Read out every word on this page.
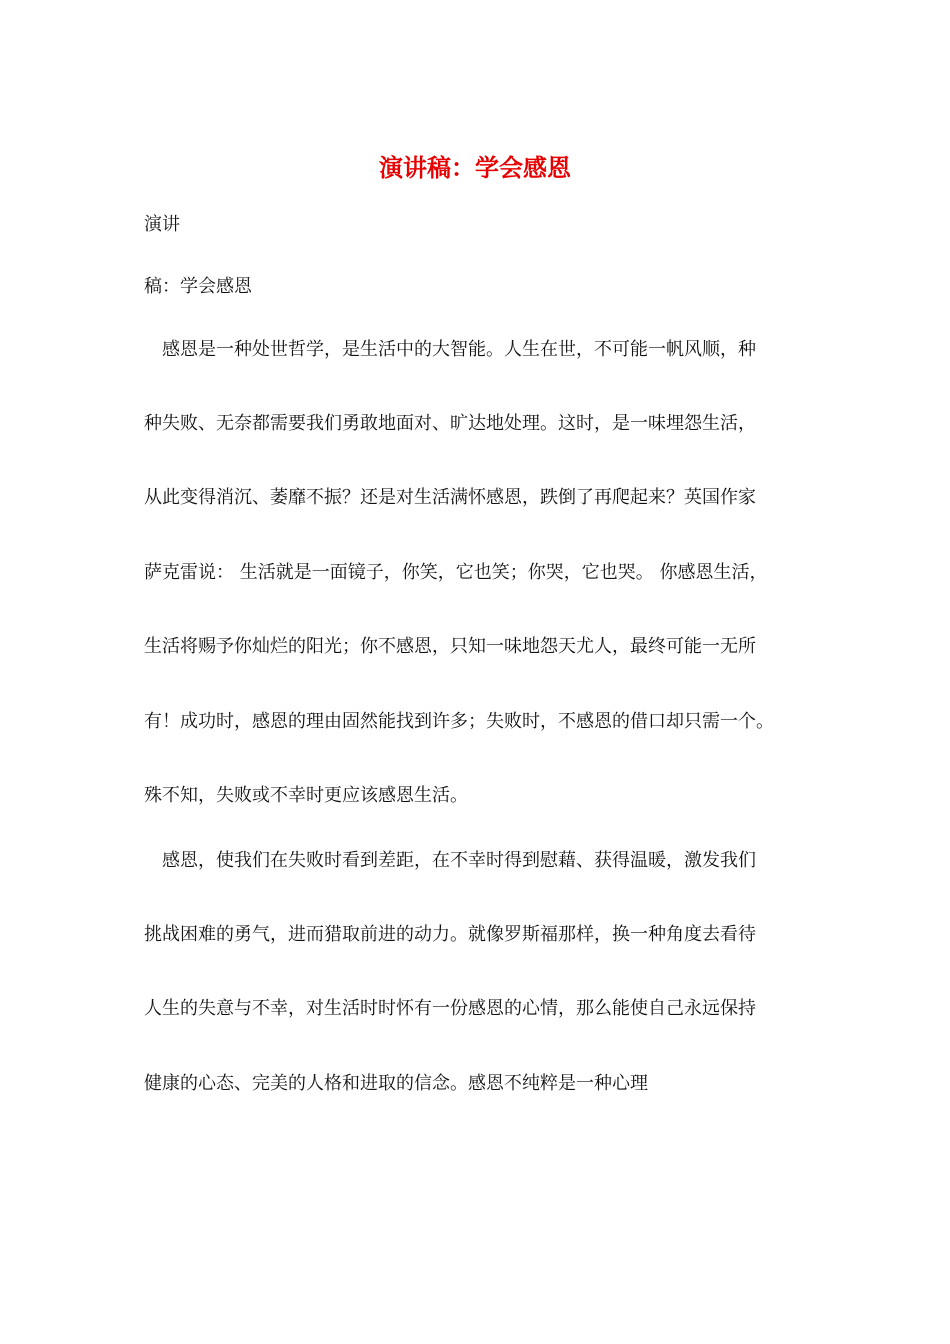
演讲稿：学会感恩

演讲

稿：学会感恩

　感恩是一种处世哲学，是生活中的大智能。人生在世，不可能一帆风顺，种

种失败、无奈都需要我们勇敢地面对、旷达地处理。这时，是一味埋怨生活，

从此变得消沉、萎靡不振？还是对生活满怀感恩，跌倒了再爬起来？英国作家

萨克雷说： 生活就是一面镜子，你笑，它也笑；你哭，它也哭。 你感恩生活，

生活将赐予你灿烂的阳光；你不感恩，只知一味地怨天尤人，最终可能一无所

有！成功时，感恩的理由固然能找到许多；失败时，不感恩的借口却只需一个。

殊不知，失败或不幸时更应该感恩生活。

　感恩，使我们在失败时看到差距，在不幸时得到慰藉、获得温暖，激发我们

挑战困难的勇气，进而猎取前进的动力。就像罗斯福那样，换一种角度去看待

人生的失意与不幸，对生活时时怀有一份感恩的心情，那么能使自己永远保持

健康的心态、完美的人格和进取的信念。感恩不纯粹是一种心理
